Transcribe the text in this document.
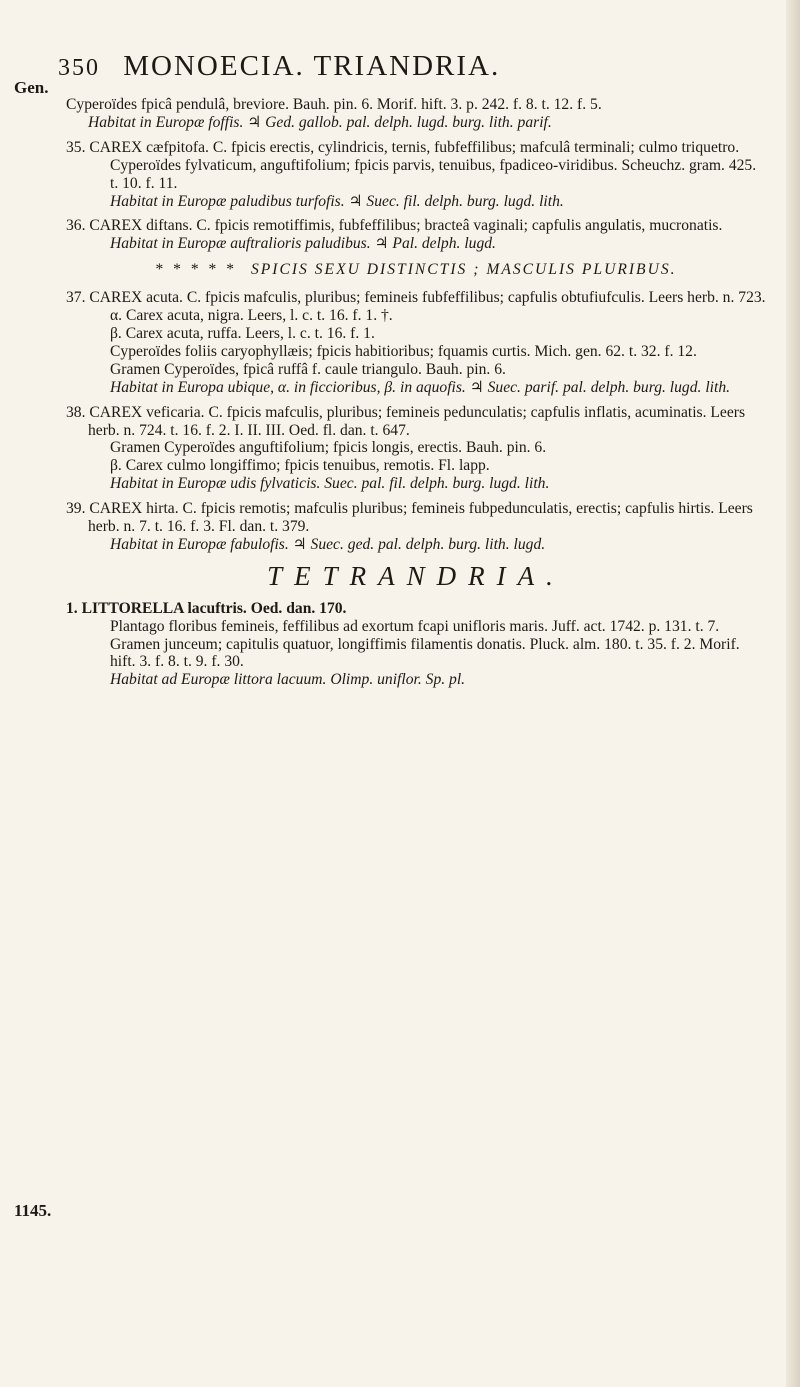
350 MONOECIA. TRIANDRIA.
Gen.
1145.
Cyperoïdes fpicâ pendulâ, breviore. Bauh. pin. 6. Morif. hift. 3. p. 242. f. 8. t. 12. f. 5.
Habitat in Europæ foffis. ♃ Ged. gallob. pal. delph. lugd. burg. lith. parif.
35. CAREX cæfpitofa. C. fpicis erectis, cylindricis, ternis, fubfeffilibus; mafculâ terminali; culmo triquetro.
Cyperoïdes fylvaticum, anguftifolium; fpicis parvis, tenuibus, fpadiceo-viridibus. Scheuchz. gram. 425. t. 10. f. 11.
Habitat in Europæ paludibus turfofis. ♃ Suec. fil. delph. burg. lugd. lith.
36. CAREX diftans. C. fpicis remotiffimis, fubfeffilibus; bracteâ vaginali; capfulis angulatis, mucronatis.
Habitat in Europæ auftralioris paludibus. ♃ Pal. delph. lugd.
* * * * * SPICIS SEXU DISTINCTIS ; MASCULIS PLURIBUS.
37. CAREX acuta. C. fpicis mafculis, pluribus; femineis fubfeffilibus; capfulis obtufiufculis. Leers herb. n. 723.
α. Carex acuta, nigra. Leers, l. c. t. 16. f. 1. †.
β. Carex acuta, ruffa. Leers, l. c. t. 16. f. 1.
Cyperoïdes foliis caryophyllæis; fpicis habitioribus; fquamis curtis. Mich. gen. 62. t. 32. f. 12.
Gramen Cyperoïdes, fpicâ ruffâ f. caule triangulo. Bauh. pin. 6.
Habitat in Europa ubique, α. in ficcioribus, β. in aquofis. ♃ Suec. parif. pal. delph. burg. lugd. lith.
38. CAREX veficaria. C. fpicis mafculis, pluribus; femineis pedunculatis; capfulis inflatis, acuminatis. Leers herb. n. 724. t. 16. f. 2. I. II. III. Oed. fl. dan. t. 647.
Gramen Cyperoïdes anguftifolium; fpicis longis, erectis. Bauh. pin. 6.
β. Carex culmo longiffimo; fpicis tenuibus, remotis. Fl. lapp.
Habitat in Europæ udis fylvaticis. Suec. pal. fil. delph. burg. lugd. lith.
39. CAREX hirta. C. fpicis remotis; mafculis pluribus; femineis fubpedunculatis, erectis; capfulis hirtis. Leers herb. n. 7. t. 16. f. 3. Fl. dan. t. 379.
Habitat in Europæ fabulofis. ♃ Suec. ged. pal. delph. burg. lith. lugd.
TETRANDRIA.
1. LITTORELLA lacuftris. Oed. dan. 170.
Plantago floribus femineis, feffilibus ad exortum fcapi unifloris maris. Juff. act. 1742. p. 131. t. 7.
Gramen junceum; capitulis quatuor, longiffimis filamentis donatis. Pluck. alm. 180. t. 35. f. 2. Morif. hift. 3. f. 8. t. 9. f. 30.
Habitat ad Europæ littora lacuum. Olimp. uniflor. Sp. pl.
